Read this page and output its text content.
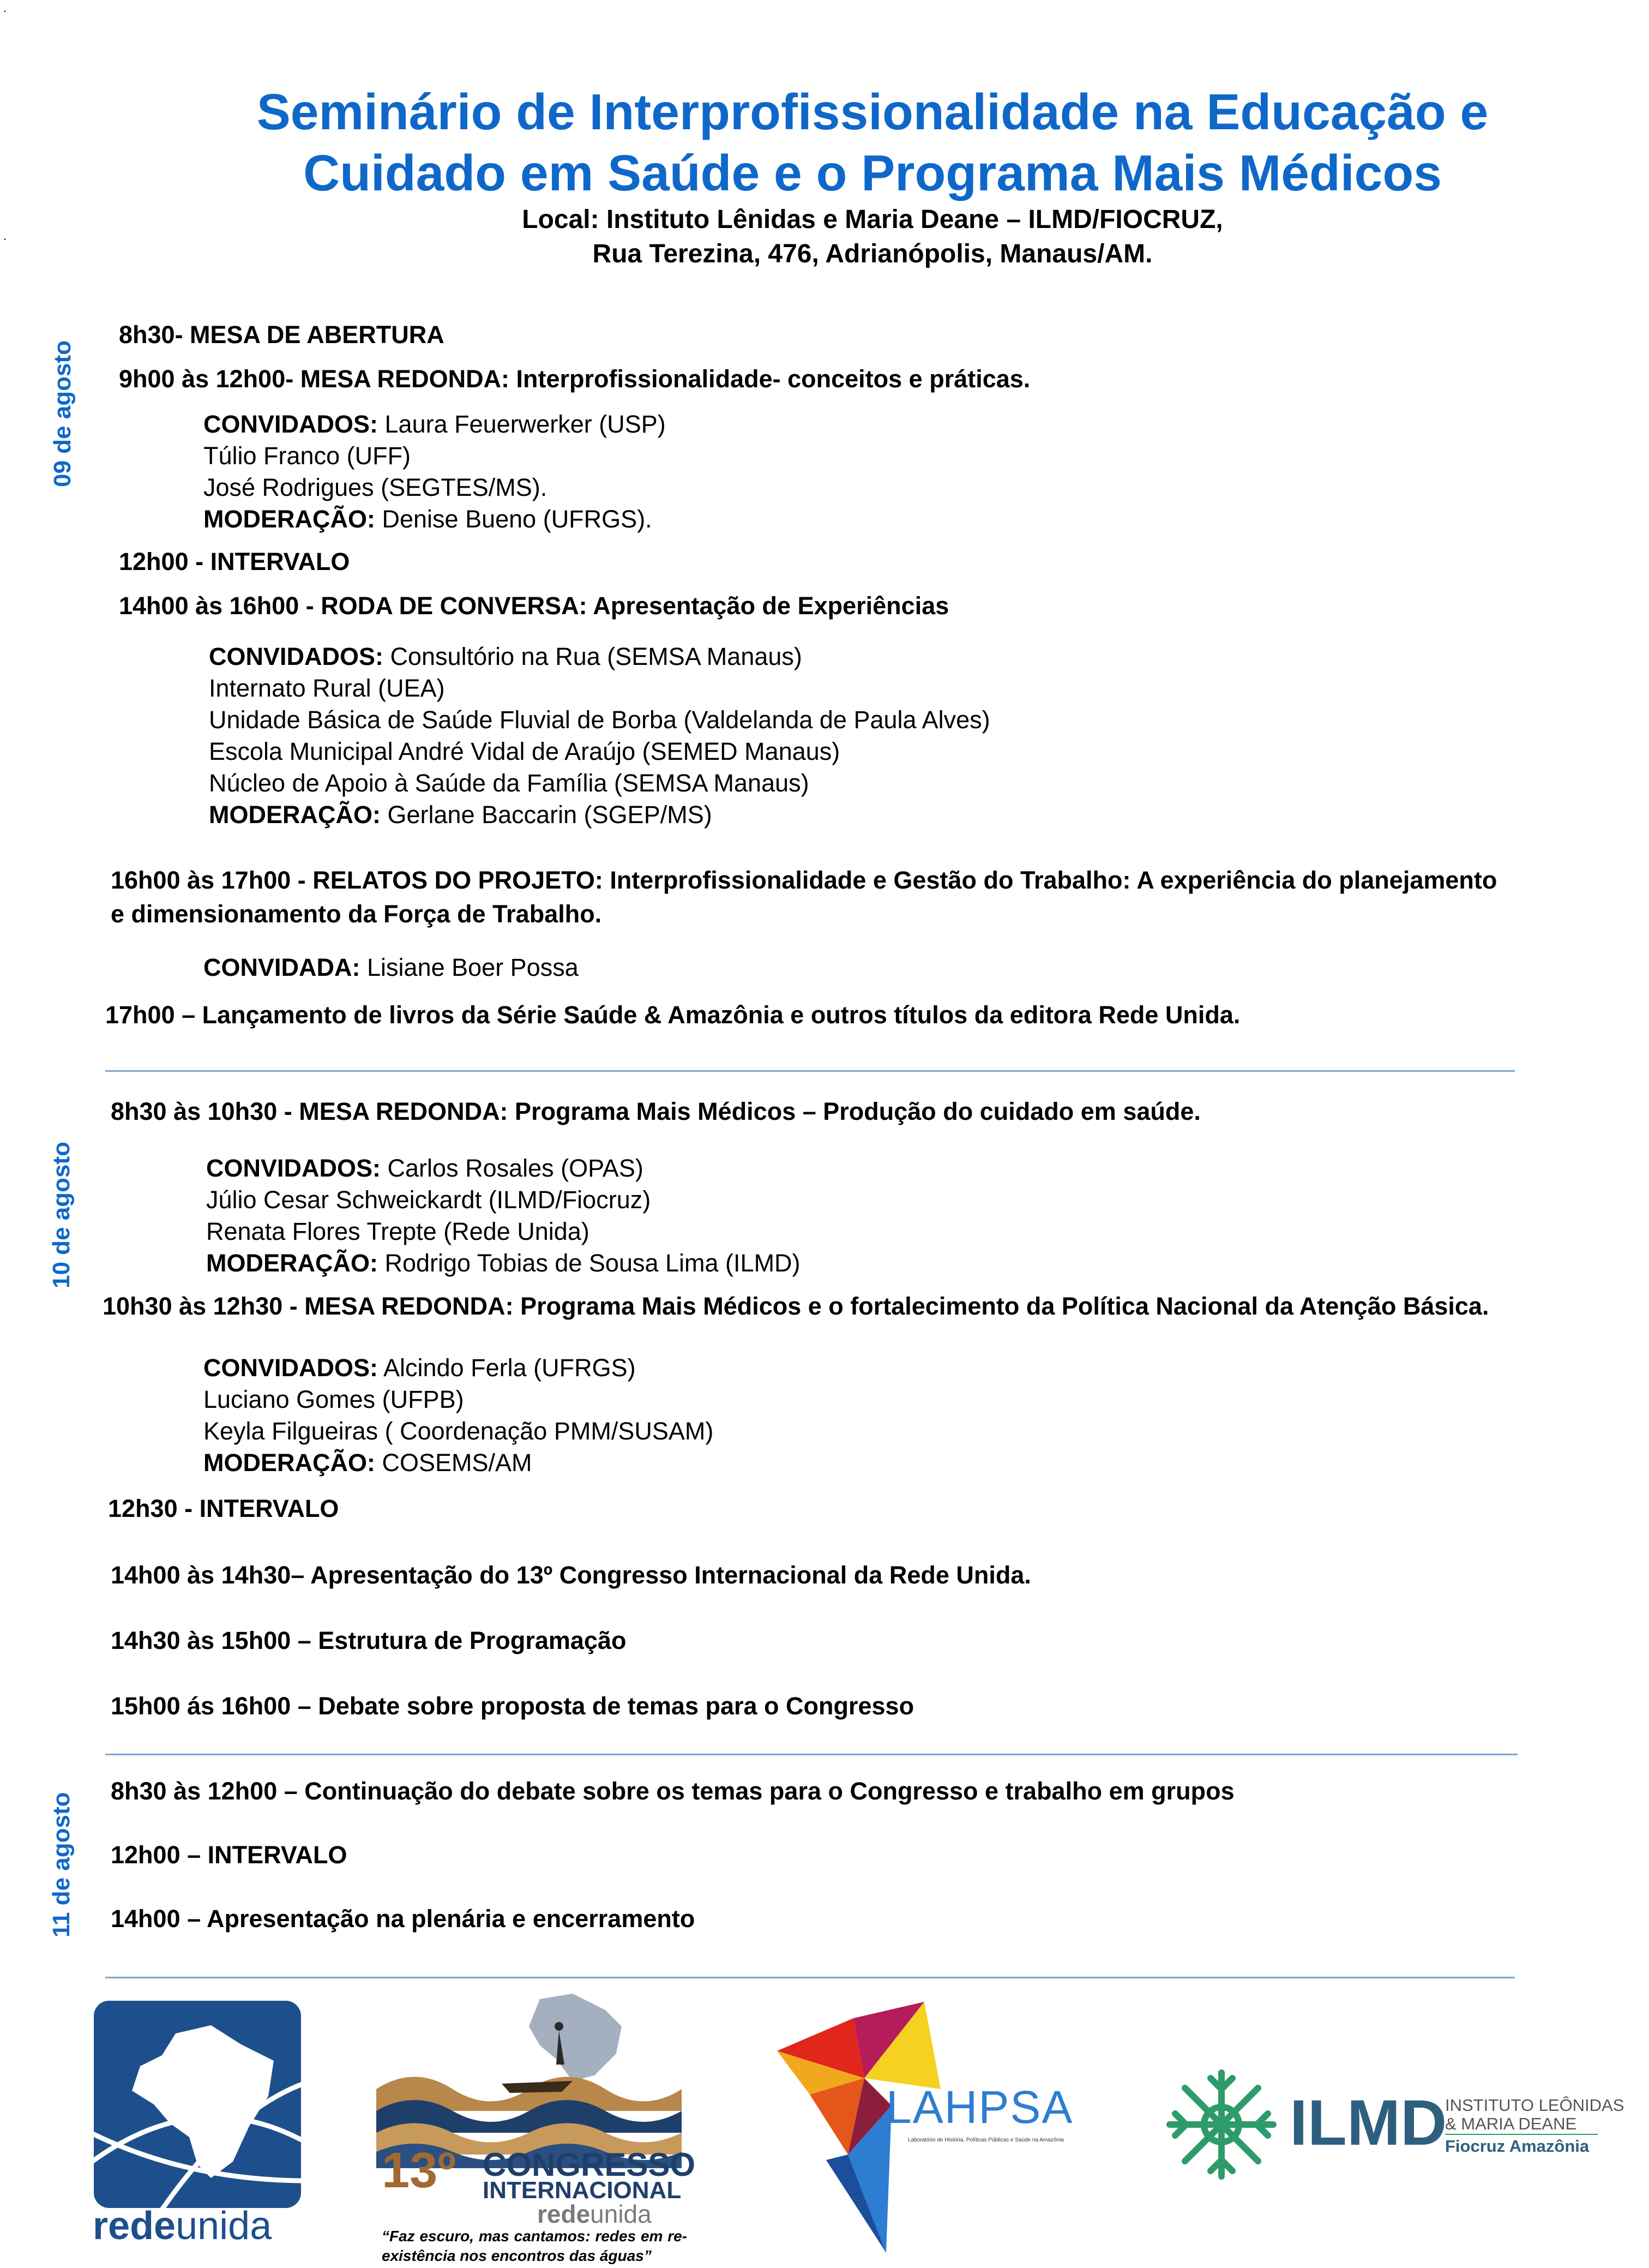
.
.
Seminário de Interprofissionalidade na Educação e
Cuidado em Saúde e o Programa Mais Médicos
Local: Instituto Lênidas e Maria Deane – ILMD/FIOCRUZ,
Rua Terezina, 476, Adrianópolis, Manaus/AM.
09 de agosto
8h30- MESA DE ABERTURA
9h00 às 12h00- MESA REDONDA: Interprofissionalidade- conceitos e práticas.
CONVIDADOS: Laura Feuerwerker (USP)
Túlio Franco (UFF)
José Rodrigues (SEGTES/MS).
MODERAÇÃO: Denise Bueno (UFRGS).
12h00 - INTERVALO
14h00 às 16h00 - RODA DE CONVERSA: Apresentação de Experiências
CONVIDADOS: Consultório na Rua (SEMSA Manaus)
Internato Rural (UEA)
Unidade Básica de Saúde Fluvial de Borba (Valdelanda de Paula Alves)
Escola Municipal André Vidal de Araújo (SEMED Manaus)
Núcleo de Apoio à Saúde da Família (SEMSA Manaus)
MODERAÇÃO: Gerlane Baccarin (SGEP/MS)
16h00 às 17h00 - RELATOS DO PROJETO: Interprofissionalidade e Gestão do Trabalho: A experiência do planejamento e dimensionamento da Força de Trabalho.
CONVIDADA: Lisiane Boer Possa
17h00 – Lançamento de livros da Série Saúde & Amazônia e outros títulos da editora Rede Unida.
10 de agosto
8h30 às 10h30 - MESA REDONDA: Programa Mais Médicos – Produção do cuidado em saúde.
CONVIDADOS: Carlos Rosales (OPAS)
Júlio Cesar Schweickardt (ILMD/Fiocruz)
Renata Flores Trepte (Rede Unida)
MODERAÇÃO: Rodrigo Tobias de Sousa Lima (ILMD)
10h30 às 12h30 - MESA REDONDA: Programa Mais Médicos e o fortalecimento da Política Nacional da Atenção Básica.
CONVIDADOS: Alcindo Ferla (UFRGS)
Luciano Gomes (UFPB)
Keyla Filgueiras ( Coordenação PMM/SUSAM)
MODERAÇÃO: COSEMS/AM
12h30 - INTERVALO
14h00 às 14h30– Apresentação do 13º Congresso Internacional da Rede Unida.
14h30 às 15h00 – Estrutura de Programação
15h00 ás 16h00 – Debate sobre proposta de temas para o Congresso
11 de agosto
8h30 às 12h00 – Continuação do debate sobre os temas para o Congresso e trabalho em grupos
12h00 – INTERVALO
14h00 – Apresentação na plenária e encerramento
redeunida
13º CONGRESSO
INTERNACIONAL
redeunida
“Faz escuro, mas cantamos: redes em re-existência nos encontros das águas”
LAHPSA
Laboratório de História, Políticas Públicas e Saúde na Amazônia	ILMD
INSTITUTO LEÔNIDAS
& MARIA DEANE
Fiocruz Amazônia
